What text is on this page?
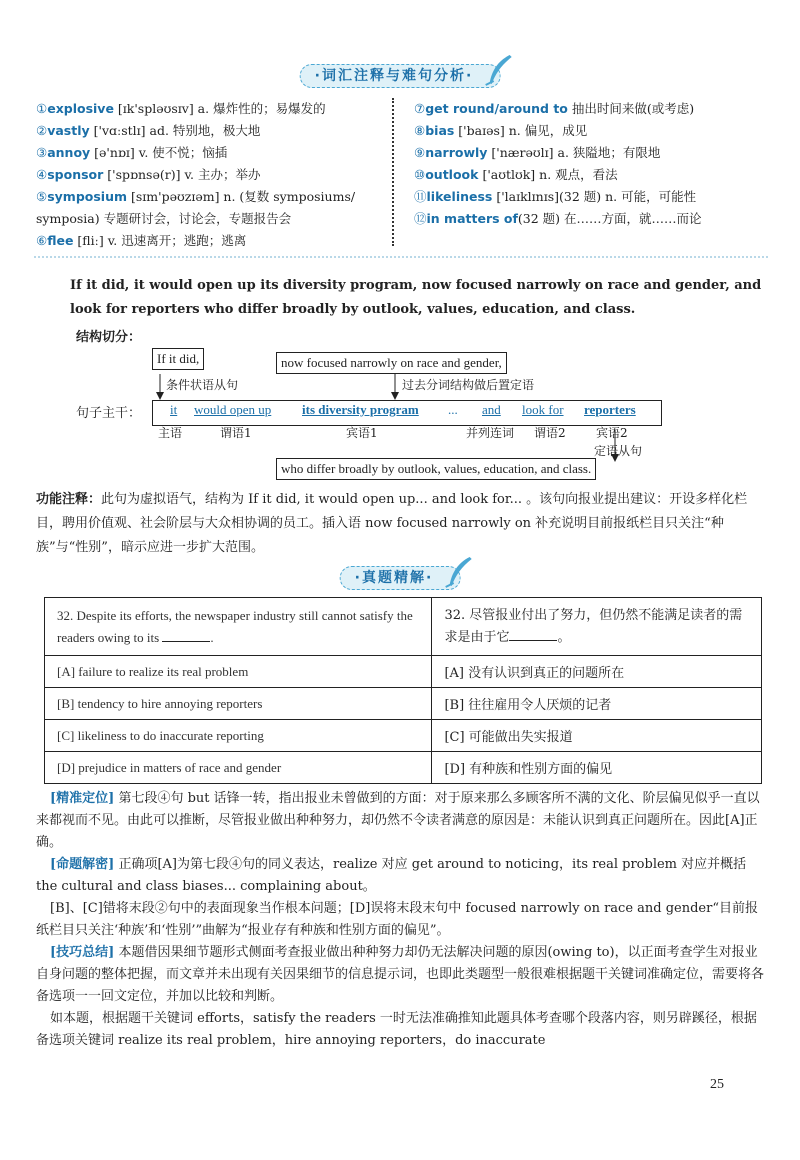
·词汇注释与难句分析·
①explosive [ɪk'spləʊsɪv] a. 爆炸性的；易爆发的
②vastly ['vɑːstlɪ] ad. 特别地，极大地
③annoy [ə'nɒɪ] v. 使不悦；恼插
④sponsor ['spɒnsə(r)] v. 主办；举办
⑤symposium [sɪm'pəʊzɪəm] n. (复数 symposiums/
symposia) 专题研讨会，讨论会，专题报告会
⑥flee [fliː] v. 迅速离开；逃跑；逃离
⑦get round/around to 抽出时间来做(或考虑)
⑧bias ['baɪəs] n. 偏见，成见
⑨narrowly ['nærəʊlɪ] a. 狭隘地；有限地
⑩outlook ['aʊtlʊk] n. 观点，看法
⑪likeliness ['laɪklɪnɪs](32 题) n. 可能，可能性
⑫in matters of(32 题) 在……方面，就……而论
If it did, it would open up its diversity program, now focused narrowly on race and gender, and look for reporters who differ broadly by outlook, values, education, and class.
结构切分：
If it did,	now focused narrowly on race and gender,
条件状语从句	过去分词结构做后置定语
句子主干： it would open up its diversity program ... and look for reporters
主语	谓语1	宾语1	并列连词 谓语2	宾语2
定语从句
who differ broadly by outlook, values, education, and class.
功能注释：此句为虚拟语气，结构为 If it did, it would open up... and look for... 。该句向报业提出建议：开设多样化栏目，聘用价值观、社会阶层与大众相协调的员工。插入语 now focused narrowly on 补充说明目前报纸栏目只关注“种族”与“性别”，暗示应进一步扩大范围。
·真题精解·
32. Despite its efforts, the newspaper industry still cannot satisfy the readers owing to its .	32. 尽管报业付出了努力，但仍然不能满足读者的需求是由于它 。
[A] failure to realize its real problem	[A] 没有认识到真正的问题所在
[B] tendency to hire annoying reporters	[B] 往往雇用令人厌烦的记者
[C] likeliness to do inaccurate reporting	[C] 可能做出失实报道
[D] prejudice in matters of race and gender	[D] 有种族和性别方面的偏见

[精准定位] 第七段④句 but 话锋一转，指出报业未曾做到的方面：对于原来那么多顾客所不满的文化、阶层偏见似乎一直以来都视而不见。由此可以推断，尽管报业做出种种努力，却仍然不令读者满意的原因是：未能认识到真正问题所在。因此[A]正确。

[命题解密] 正确项[A]为第七段④句的同义表达，realize 对应 get around to noticing，its real problem 对应并概括 the cultural and class biases... complaining about。

[B]、[C]错将末段②句中的表面现象当作根本问题；[D]误将末段末句中 focused narrowly on race and gender“目前报纸栏目只关注‘种族’和‘性别’”曲解为“报业存有种族和性别方面的偏见”。

[技巧总结] 本题借因果细节题形式侧面考查报业做出种种努力却仍无法解决问题的原因(owing to)，以正面考查学生对报业自身问题的整体把握，而文章并未出现有关因果细节的信息提示词，也即此类题型一般很难根据题干关键词准确定位，需要将各备选项一一回文定位，并加以比较和判断。

如本题，根据题干关键词 efforts，satisfy the readers 一时无法准确推知此题具体考查哪个段落内容，则另辟蹊径，根据备选项关键词 realize its real problem，hire annoying reporters，do inaccurate

25
